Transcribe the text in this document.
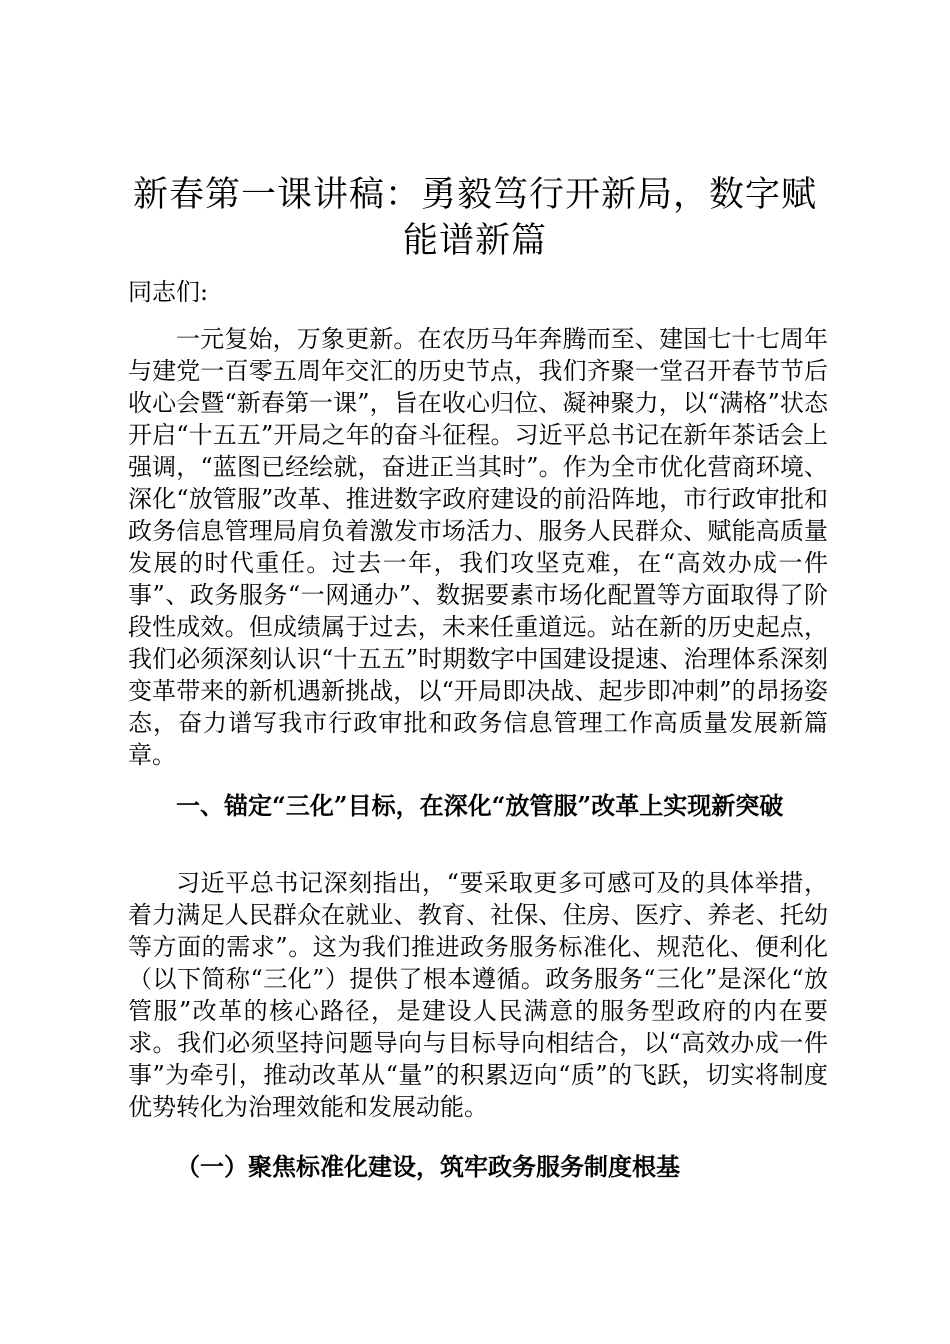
新春第一课讲稿：勇毅笃行开新局，数字赋能谱新篇

同志们:

一元复始，万象更新。在农历马年奔腾而至、建国七十七周年与建党一百零五周年交汇的历史节点，我们齐聚一堂召开春节节后收心会暨“新春第一课”，旨在收心归位、凝神聚力，以“满格”状态开启“十五五”开局之年的奋斗征程。习近平总书记在新年茶话会上强调，“蓝图已经绘就，奋进正当其时”。作为全市优化营商环境、深化“放管服”改革、推进数字政府建设的前沿阵地，市行政审批和政务信息管理局肩负着激发市场活力、服务人民群众、赋能高质量发展的时代重任。过去一年，我们攻坚克难，在“高效办成一件事”、政务服务“一网通办”、数据要素市场化配置等方面取得了阶段性成效。但成绩属于过去，未来任重道远。站在新的历史起点，我们必须深刻认识“十五五”时期数字中国建设提速、治理体系深刻变革带来的新机遇新挑战，以“开局即决战、起步即冲刺”的昂扬姿态，奋力谱写我市行政审批和政务信息管理工作高质量发展新篇章。

一、锚定“三化”目标，在深化“放管服”改革上实现新突破

习近平总书记深刻指出，“要采取更多可感可及的具体举措，着力满足人民群众在就业、教育、社保、住房、医疗、养老、托幼等方面的需求”。这为我们推进政务服务标准化、规范化、便利化（以下简称“三化”）提供了根本遵循。政务服务“三化”是深化“放管服”改革的核心路径，是建设人民满意的服务型政府的内在要求。我们必须坚持问题导向与目标导向相结合，以“高效办成一件事”为牵引，推动改革从“量”的积累迈向“质”的飞跃，切实将制度优势转化为治理效能和发展动能。

（一）聚焦标准化建设，筑牢政务服务制度根基
